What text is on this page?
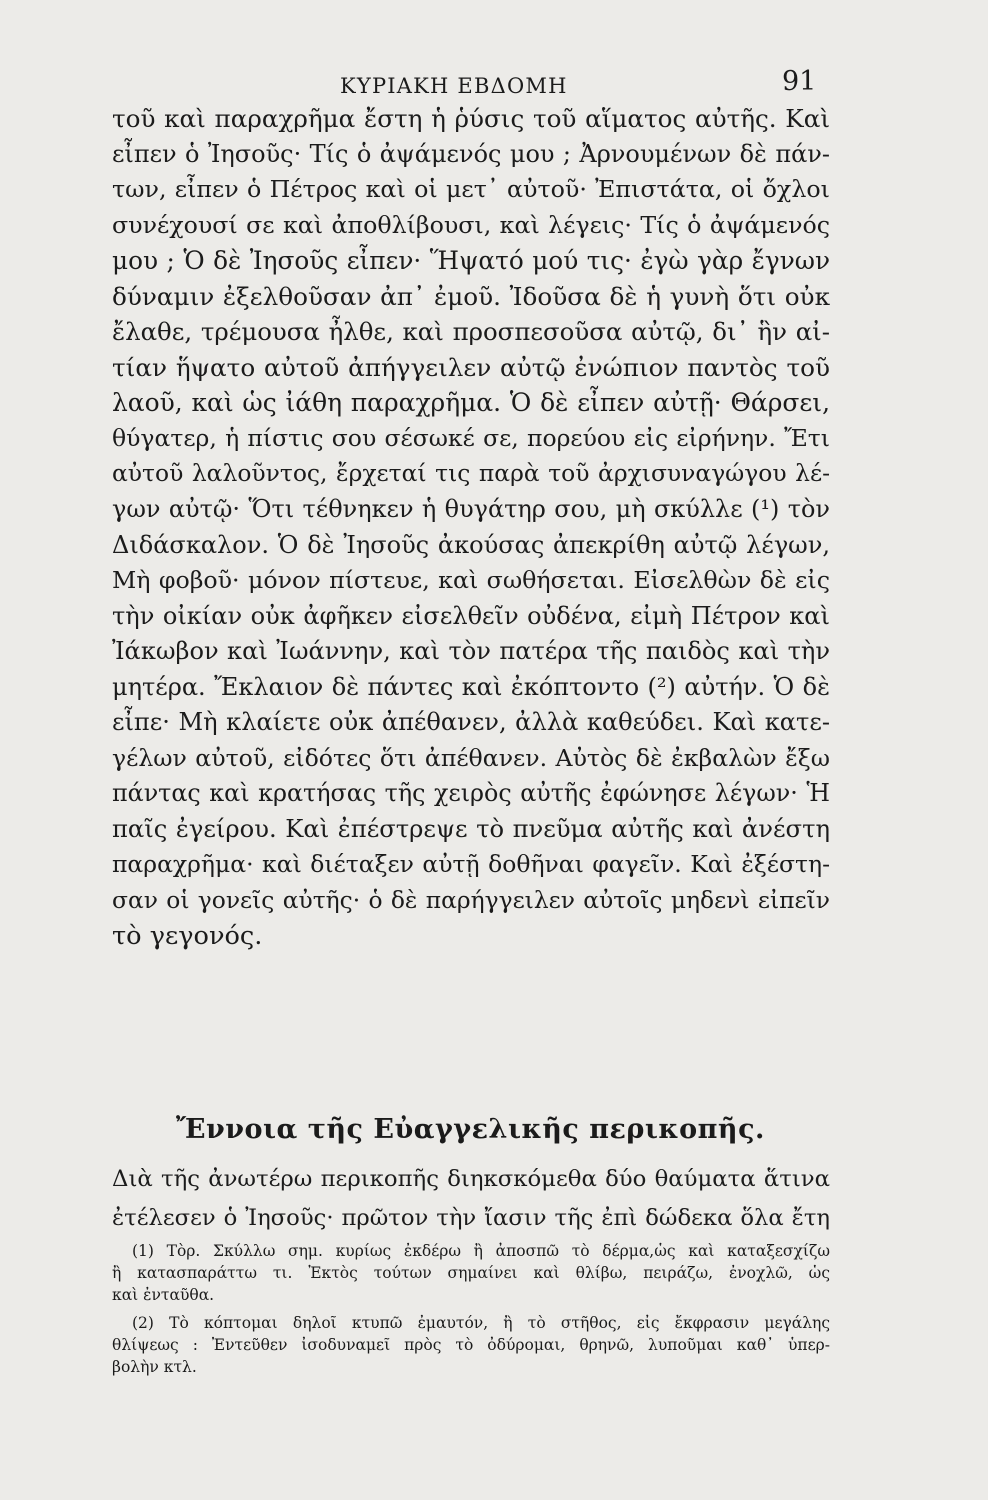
ΚΥΡΙΑΚΗ ΕΒΔΟΜΗ	91
τοῦ καὶ παραχρῆμα ἔστη ἡ ῥύσις τοῦ αἵματος αὐτῆς. Καὶ
εἶπεν ὁ Ἰησοῦς· Τίς ὁ ἀψάμενός μου ; Ἀρνουμένων δὲ πάν-
των, εἶπεν ὁ Πέτρος καὶ οἱ μετ᾽ αὐτοῦ· Ἐπιστάτα, οἱ ὄχλοι
συνέχουσί σε καὶ ἀποθλίβουσι, καὶ λέγεις· Τίς ὁ ἀψάμενός
μου ; Ὁ δὲ Ἰησοῦς εἶπεν· Ἥψατό μού τις· ἐγὼ γὰρ ἔγνων
δύναμιν ἐξελθοῦσαν ἀπ᾽ ἐμοῦ. Ἰδοῦσα δὲ ἡ γυνὴ ὅτι οὐκ
ἔλαθε, τρέμουσα ἦλθε, καὶ προσπεσοῦσα αὐτῷ, δι᾽ ἣν αἰ-
τίαν ἥψατο αὐτοῦ ἀπήγγειλεν αὐτῷ ἐνώπιον παντὸς τοῦ
λαοῦ, καὶ ὡς ἰάθη παραχρῆμα. Ὁ δὲ εἶπεν αὐτῇ· Θάρσει,
θύγατερ, ἡ πίστις σου σέσωκέ σε, πορεύου εἰς εἰρήνην. Ἔτι
αὐτοῦ λαλοῦντος, ἔρχεταί τις παρὰ τοῦ ἀρχισυναγώγου λέ-
γων αὐτῷ· Ὅτι τέθνηκεν ἡ θυγάτηρ σου, μὴ σκύλλε (¹) τὸν
Διδάσκαλον. Ὁ δὲ Ἰησοῦς ἀκούσας ἀπεκρίθη αὐτῷ λέγων,
Μὴ φοβοῦ· μόνον πίστευε, καὶ σωθήσεται. Εἰσελθὼν δὲ εἰς
τὴν οἰκίαν οὐκ ἀφῆκεν εἰσελθεῖν οὐδένα, εἰμὴ Πέτρον καὶ
Ἰάκωβον καὶ Ἰωάννην, καὶ τὸν πατέρα τῆς παιδὸς καὶ τὴν
μητέρα. Ἔκλαιον δὲ πάντες καὶ ἐκόπτοντο (²) αὐτήν. Ὁ δὲ
εἶπε· Μὴ κλαίετε οὐκ ἀπέθανεν, ἀλλὰ καθεύδει. Καὶ κατε-
γέλων αὐτοῦ, εἰδότες ὅτι ἀπέθανεν. Αὐτὸς δὲ ἐκβαλὼν ἔξω
πάντας καὶ κρατήσας τῆς χειρὸς αὐτῆς ἐφώνησε λέγων· Ἡ
παῖς ἐγείρου. Καὶ ἐπέστρεψε τὸ πνεῦμα αὐτῆς καὶ ἀνέστη
παραχρῆμα· καὶ διέταξεν αὐτῇ δοθῆναι φαγεῖν. Καὶ ἐξέστη-
σαν οἱ γονεῖς αὐτῆς· ὁ δὲ παρήγγειλεν αὐτοῖς μηδενὶ εἰπεῖν
τὸ γεγονός.
Ἔννοια τῆς Εὐαγγελικῆς περικοπῆς.
Διὰ τῆς ἀνωτέρω περικοπῆς διηκσκόμεθα δύο θαύματα ἅτινα
ἐτέλεσεν ὁ Ἰησοῦς· πρῶτον τὴν ἴασιν τῆς ἐπὶ δώδεκα ὅλα ἔτη
(1) Τὸρ. Σκύλλω σημ. κυρίως ἐκδέρω ἢ ἀποσπῶ τὸ δέρμα,ὡς καὶ καταξεσχίζω
ἢ κατασπαράττω τι. Ἐκτὸς τούτων σημαίνει καὶ θλίβω, πειράζω, ἐνοχλῶ, ὡς
καὶ ἐνταῦθα.
(2) Τὸ κόπτομαι δηλοῖ κτυπῶ ἐμαυτόν, ἢ τὸ στῆθος, εἰς ἔκφρασιν μεγάλης
θλίψεως : Ἐντεῦθεν ἰσοδυναμεῖ πρὸς τὸ ὀδύρομαι, θρηνῶ, λυποῦμαι καθ᾽ ὑπερ-
βολὴν κτλ.
